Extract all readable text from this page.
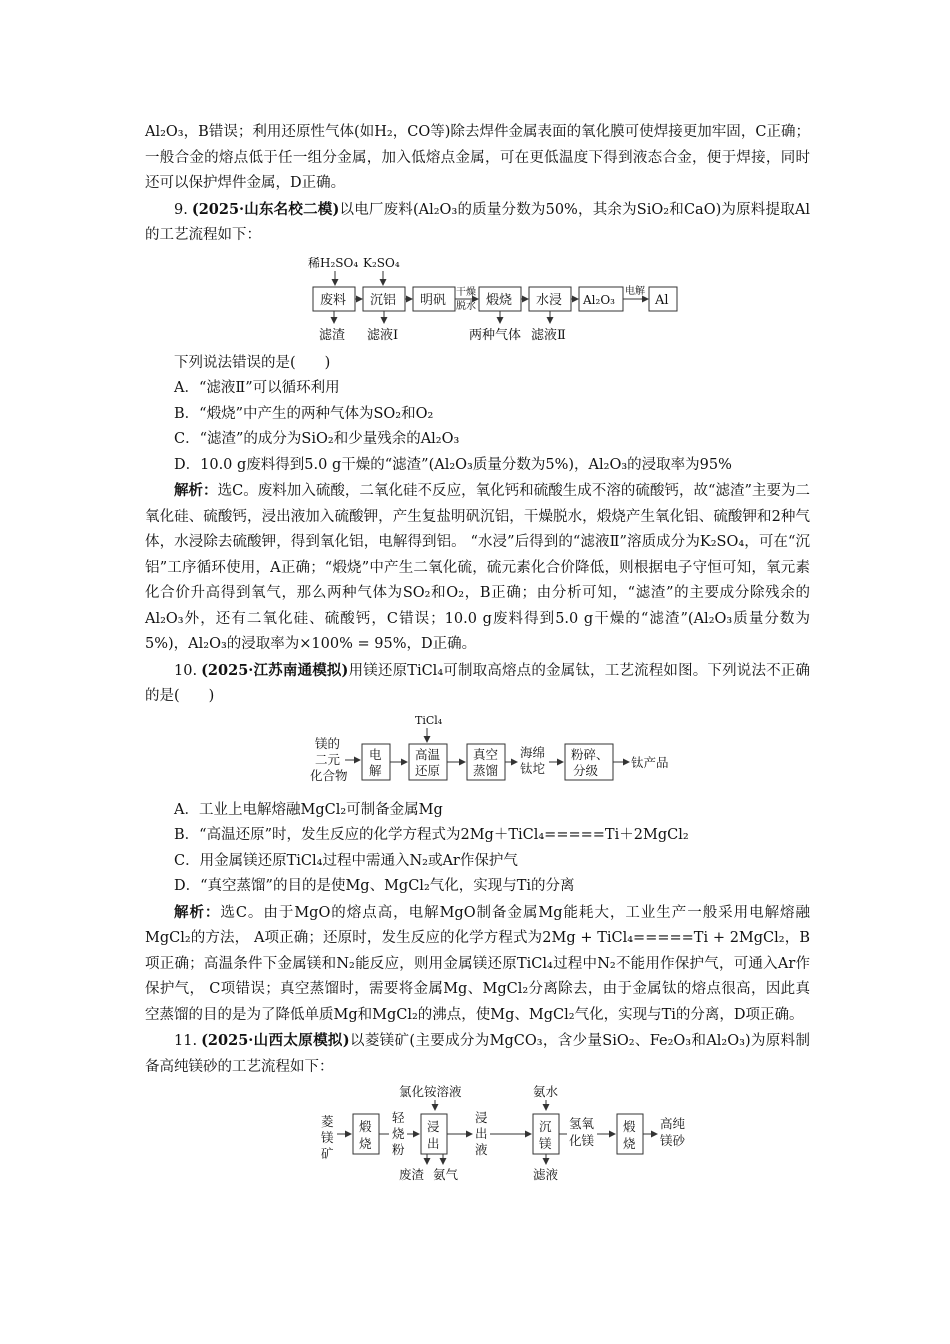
Al₂O₃，B错误；利用还原性气体(如H₂，CO等)除去焊件金属表面的氧化膜可使焊接更加牢固，C正确；一般合金的熔点低于任一组分金属，加入低熔点金属，可在更低温度下得到液态合金，便于焊接，同时还可以保护焊件金属，D正确。

9. (2025·山东名校二模)以电厂废料(Al₂O₃的质量分数为50%，其余为SiO₂和CaO)为原料提取Al的工艺流程如下：

稀H₂SO₄ K₂SO₄
废料 沉铝 明矾	煅烧 水浸 Al₂O₃	Al
干燥
脱水
电解
滤渣 滤液Ⅰ	两种气体 滤液Ⅱ

下列说法错误的是(　　)

A．“滤液Ⅱ”可以循环利用

B．“煅烧”中产生的两种气体为SO₂和O₂

C．“滤渣”的成分为SiO₂和少量残余的Al₂O₃

D．10.0 g废料得到5.0 g干燥的“滤渣”(Al₂O₃质量分数为5%)，Al₂O₃的浸取率为95%

解析：选C。废料加入硫酸，二氧化硅不反应，氧化钙和硫酸生成不溶的硫酸钙，故“滤渣”主要为二氧化硅、硫酸钙，浸出液加入硫酸钾，产生复盐明矾沉铝，干燥脱水，煅烧产生氧化铝、硫酸钾和2种气体，水浸除去硫酸钾，得到氧化铝，电解得到铝。 “水浸”后得到的“滤液Ⅱ”溶质成分为K₂SO₄，可在“沉铝”工序循环使用，A正确；“煅烧”中产生二氧化硫，硫元素化合价降低，则根据电子守恒可知，氧元素化合价升高得到氧气，那么两种气体为SO₂和O₂，B正确；由分析可知，“滤渣”的主要成分除残余的Al₂O₃外，还有二氧化硅、硫酸钙，C错误；10.0 g废料得到5.0 g干燥的“滤渣”(Al₂O₃质量分数为5%)，Al₂O₃的浸取率为×100% = 95%，D正确。

10. (2025·江苏南通模拟)用镁还原TiCl₄可制取高熔点的金属钛，工艺流程如图。下列说法不正确的是(　　)

TiCl₄
镁的
二元
化合物
电
解
高温
还原
真空
蒸馏
海绵
钛坨
粉碎、
分级
钛产品

A．工业上电解熔融MgCl₂可制备金属Mg

B．“高温还原”时，发生反应的化学方程式为2Mg＋TiCl₄=====Ti＋2MgCl₂

C．用金属镁还原TiCl₄过程中需通入N₂或Ar作保护气

D．“真空蒸馏”的目的是使Mg、MgCl₂气化，实现与Ti的分离

解析：选C。由于MgO的熔点高，电解MgO制备金属Mg能耗大，工业生产一般采用电解熔融MgCl₂的方法， A项正确；还原时，发生反应的化学方程式为2Mg + TiCl₄=====Ti + 2MgCl₂，B项正确；高温条件下金属镁和N₂能反应，则用金属镁还原TiCl₄过程中N₂不能用作保护气，可通入Ar作保护气， C项错误；真空蒸馏时，需要将金属Mg、MgCl₂分离除去，由于金属钛的熔点很高，因此真空蒸馏的目的是为了降低单质Mg和MgCl₂的沸点，使Mg、MgCl₂气化，实现与Ti的分离，D项正确。

11. (2025·山西太原模拟)以菱镁矿(主要成分为MgCO₃，含少量SiO₂、Fe₂O₃和Al₂O₃)为原料制备高纯镁砂的工艺流程如下：

氯化铵溶液	氨水
菱
镁
矿
煅
烧
轻
烧
粉
浸
出
浸
出
液
沉
镁
氢氧
化镁
煅
烧
高纯
镁砂
废渣 氨气	滤液
